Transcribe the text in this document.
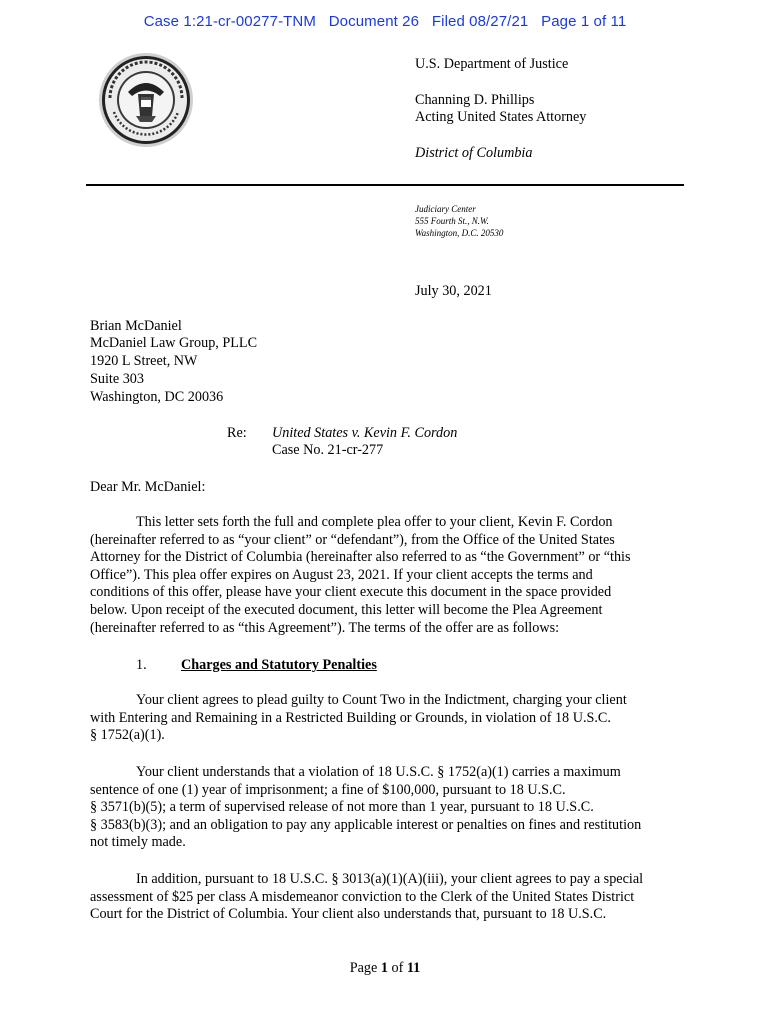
Case 1:21-cr-00277-TNM   Document 26   Filed 08/27/21   Page 1 of 11
U.S. Department of Justice
Channing D. Phillips
Acting United States Attorney
District of Columbia
Judiciary Center
555 Fourth St., N.W.
Washington, D.C. 20530
July 30, 2021
Brian McDaniel
McDaniel Law Group, PLLC
1920 L Street, NW
Suite 303
Washington, DC 20036
Re: United States v. Kevin F. Cordon
Case No. 21-cr-277
Dear Mr. McDaniel:
This letter sets forth the full and complete plea offer to your client, Kevin F. Cordon
(hereinafter referred to as “your client” or “defendant”), from the Office of the United States
Attorney for the District of Columbia (hereinafter also referred to as “the Government” or “this
Office”). This plea offer expires on August 23, 2021. If your client accepts the terms and
conditions of this offer, please have your client execute this document in the space provided
below. Upon receipt of the executed document, this letter will become the Plea Agreement
(hereinafter referred to as “this Agreement”). The terms of the offer are as follows:
1. Charges and Statutory Penalties
Your client agrees to plead guilty to Count Two in the Indictment, charging your client
with Entering and Remaining in a Restricted Building or Grounds, in violation of 18 U.S.C.
§ 1752(a)(1).
Your client understands that a violation of 18 U.S.C. § 1752(a)(1) carries a maximum
sentence of one (1) year of imprisonment; a fine of $100,000, pursuant to 18 U.S.C.
§ 3571(b)(5); a term of supervised release of not more than 1 year, pursuant to 18 U.S.C.
§ 3583(b)(3); and an obligation to pay any applicable interest or penalties on fines and restitution
not timely made.
In addition, pursuant to 18 U.S.C. § 3013(a)(1)(A)(iii), your client agrees to pay a special
assessment of $25 per class A misdemeanor conviction to the Clerk of the United States District
Court for the District of Columbia. Your client also understands that, pursuant to 18 U.S.C.
Page 1 of 11
